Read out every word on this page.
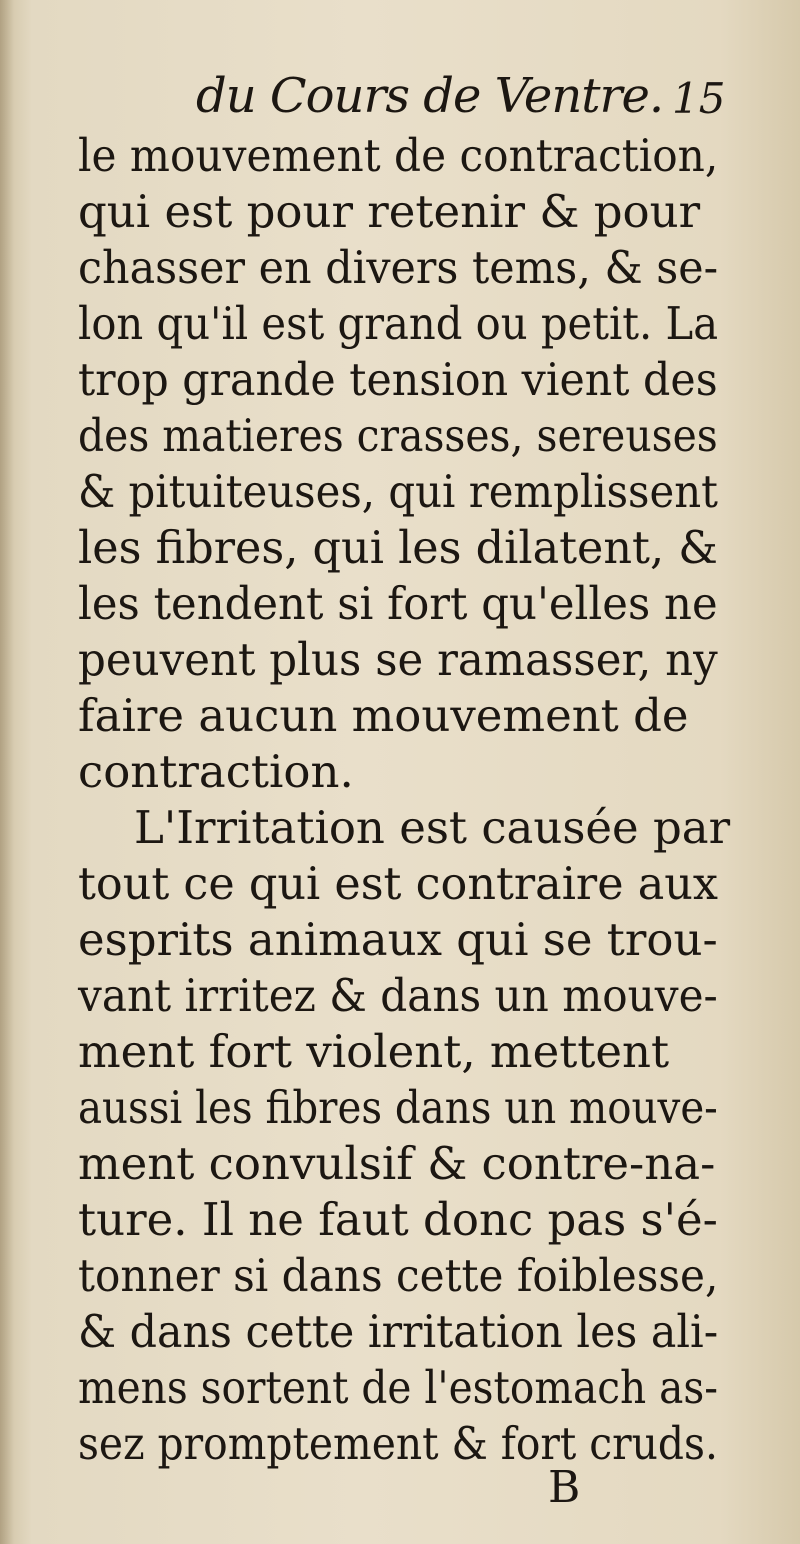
du Cours de Ventre. 15
le mouvement de contraction,
qui est pour retenir & pour
chasser en divers tems, & se-
lon qu'il est grand ou petit. La
trop grande tension vient des
des matieres crasses, sereuses
& pituiteuses, qui remplissent
les fibres, qui les dilatent, &
les tendent si fort qu'elles ne
peuvent plus se ramasser, ny
faire aucun mouvement de
contraction.
L'Irritation est causée par
tout ce qui est contraire aux
esprits animaux qui se trou-
vant irritez & dans un mouve-
ment fort violent, mettent
aussi les fibres dans un mouve-
ment convulsif & contre-na-
ture. Il ne faut donc pas s'é-
tonner si dans cette foiblesse,
& dans cette irritation les ali-
mens sortent de l'estomach as-
sez promptement & fort cruds.
B
